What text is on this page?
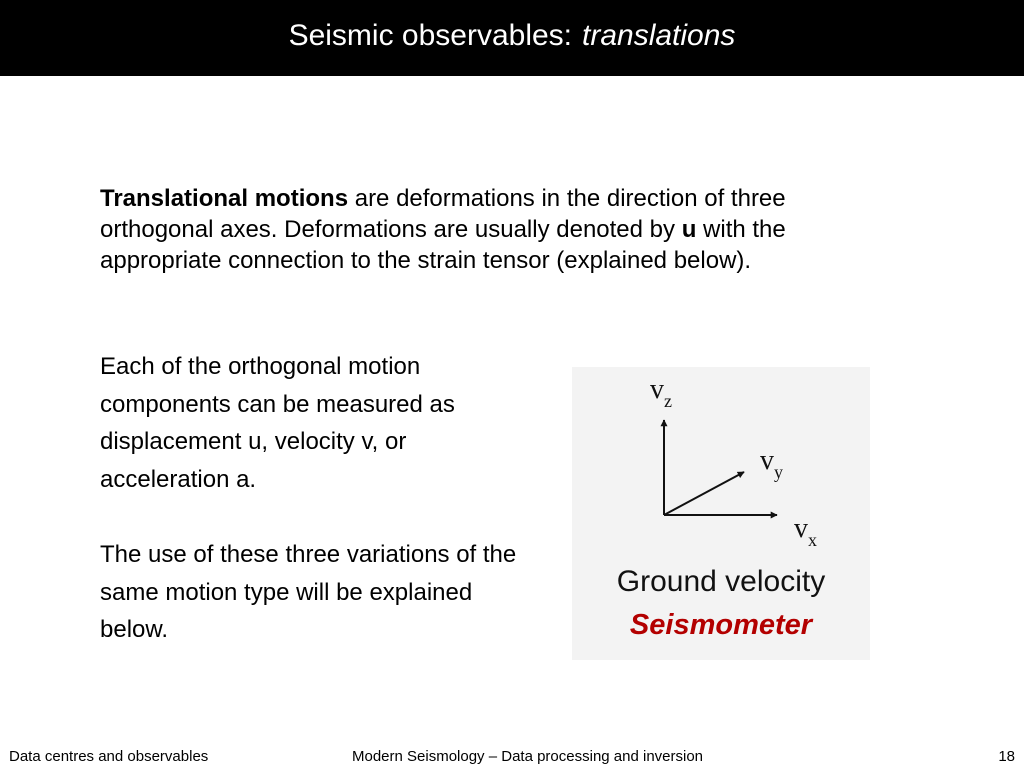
Seismic observables: translations
Translational motions are deformations in the direction of three orthogonal axes. Deformations are usually denoted by u with the appropriate connection to the strain tensor (explained below).
Each of the orthogonal motion components can be measured as displacement u, velocity v, or acceleration a.
The use of these three variations of the same motion type will be explained below.
$v_z$
$v_y$
$v_x$
Ground velocity
Seismometer
Data centres and observables	Modern Seismology – Data processing and inversion	18
